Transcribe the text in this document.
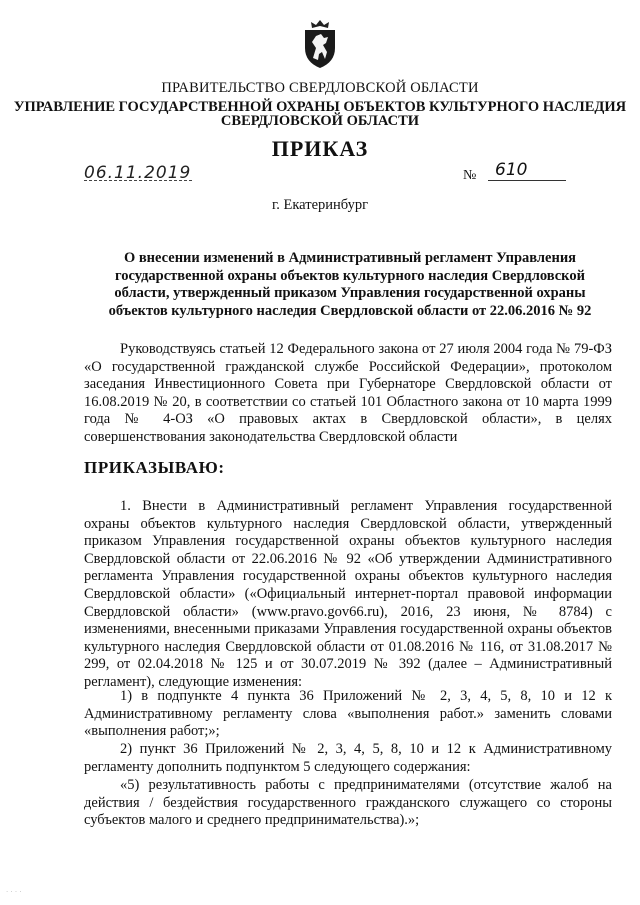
ПРАВИТЕЛЬСТВО СВЕРДЛОВСКОЙ ОБЛАСТИ
УПРАВЛЕНИЕ ГОСУДАРСТВЕННОЙ ОХРАНЫ ОБЪЕКТОВ КУЛЬТУРНОГО НАСЛЕДИЯ
СВЕРДЛОВСКОЙ ОБЛАСТИ
ПРИКАЗ
06.11.2019	№ 610
г. Екатеринбург
О внесении изменений в Административный регламент Управления государственной охраны объектов культурного наследия Свердловской области, утвержденный приказом Управления государственной охраны объектов культурного наследия Свердловской области от 22.06.2016 № 92
Руководствуясь статьей 12 Федерального закона от 27 июля 2004 года № 79-ФЗ «О государственной гражданской службе Российской Федерации», протоколом заседания Инвестиционного Совета при Губернаторе Свердловской области от 16.08.2019 № 20, в соответствии со статьей 101 Областного закона от 10 марта 1999 года № 4-ОЗ «О правовых актах в Свердловской области», в целях совершенствования законодательства Свердловской области
ПРИКАЗЫВАЮ:
1. Внести в Административный регламент Управления государственной охраны объектов культурного наследия Свердловской области, утвержденный приказом Управления государственной охраны объектов культурного наследия Свердловской области от 22.06.2016 № 92 «Об утверждении Административного регламента Управления государственной охраны объектов культурного наследия Свердловской области» («Официальный интернет-портал правовой информации Свердловской области» (www.pravo.gov66.ru), 2016, 23 июня, № 8784) с изменениями, внесенными приказами Управления государственной охраны объектов культурного наследия Свердловской области от 01.08.2016 № 116, от 31.08.2017 № 299, от 02.04.2018 № 125 и от 30.07.2019 № 392 (далее – Административный регламент), следующие изменения:
1) в подпункте 4 пункта 36 Приложений № 2, 3, 4, 5, 8, 10 и 12 к Административному регламенту слова «выполнения работ.» заменить словами «выполнения работ;»;
2) пункт 36 Приложений № 2, 3, 4, 5, 8, 10 и 12 к Административному регламенту дополнить подпунктом 5 следующего содержания:
«5) результативность работы с предпринимателями (отсутствие жалоб на действия / бездействия государственного гражданского служащего со стороны субъектов малого и среднего предпринимательства).»;
· · · ·
